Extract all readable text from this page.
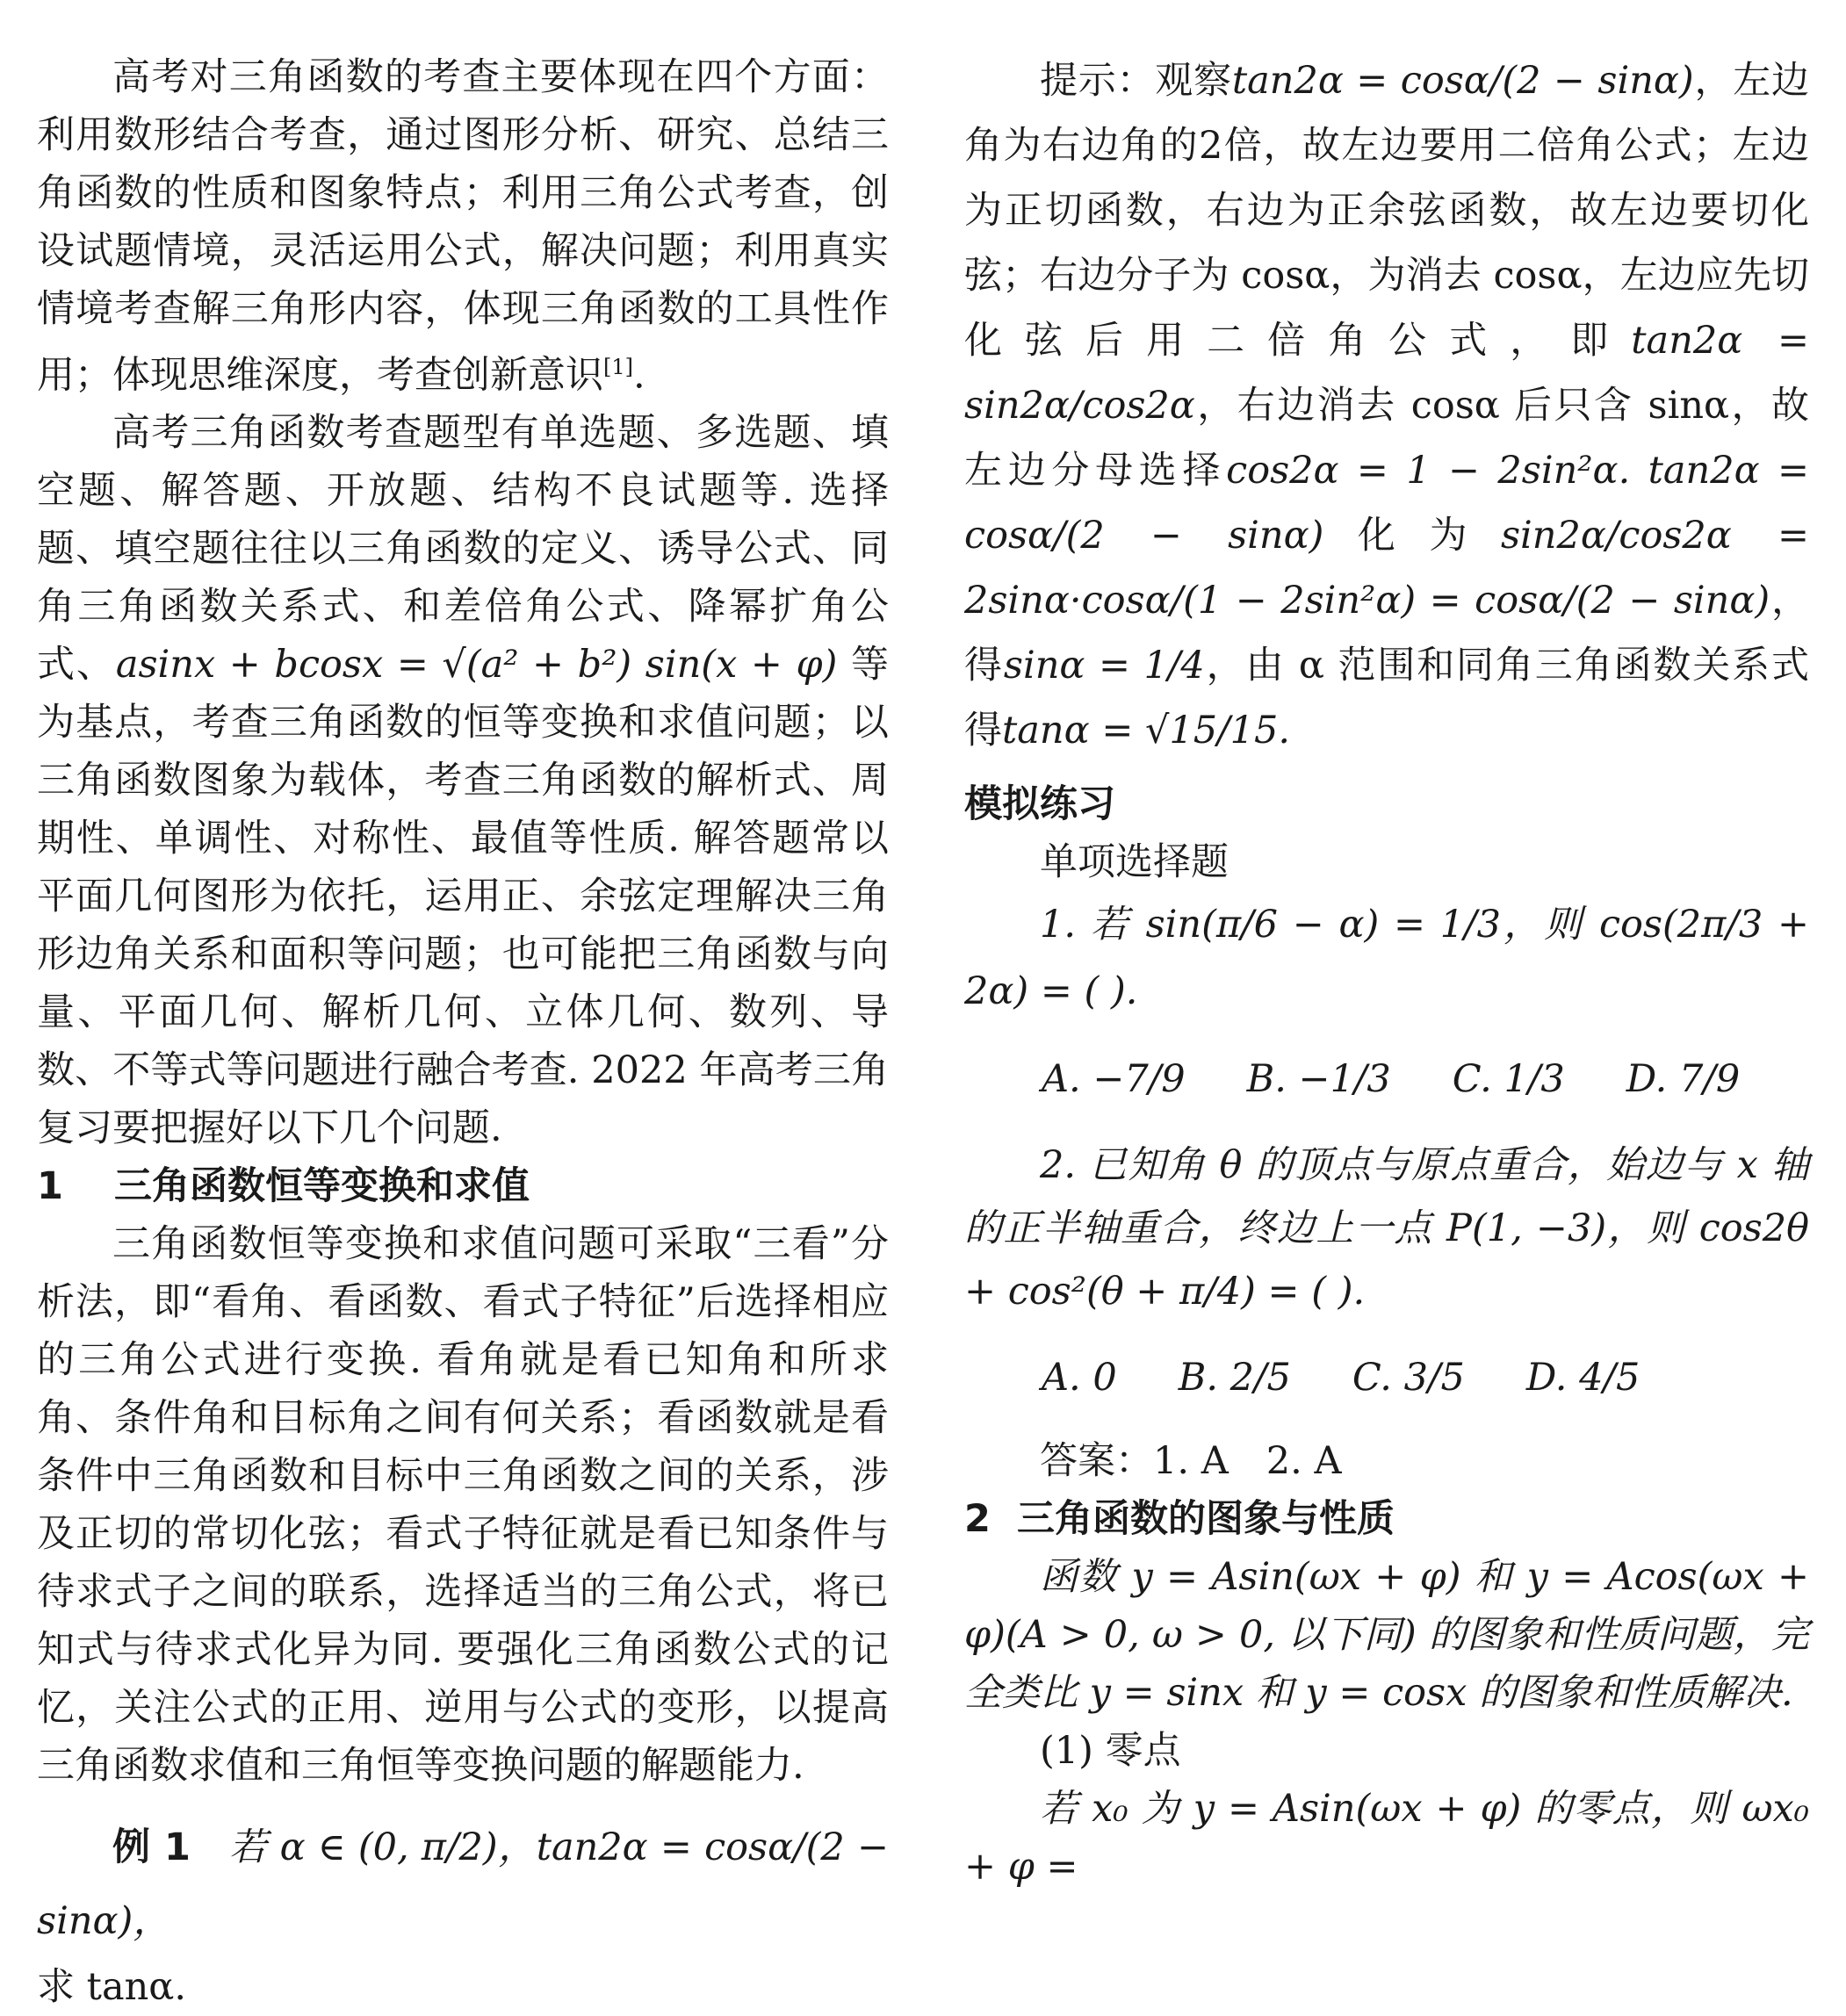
高考对三角函数的考查主要体现在四个方面：利用数形结合考查，通过图形分析、研究、总结三角函数的性质和图象特点；利用三角公式考查，创设试题情境，灵活运用公式，解决问题；利用真实情境考查解三角形内容，体现三角函数的工具性作用；体现思维深度，考查创新意识[1].

高考三角函数考查题型有单选题、多选题、填空题、解答题、开放题、结构不良试题等. 选择题、填空题往往以三角函数的定义、诱导公式、同角三角函数关系式、和差倍角公式、降幂扩角公式、asinx + bcosx = √(a² + b²) sin(x + φ) 等为基点，考查三角函数的恒等变换和求值问题；以三角函数图象为载体，考查三角函数的解析式、周期性、单调性、对称性、最值等性质. 解答题常以平面几何图形为依托，运用正、余弦定理解决三角形边角关系和面积等问题；也可能把三角函数与向量、平面几何、解析几何、立体几何、数列、导数、不等式等问题进行融合考查. 2022 年高考三角复习要把握好以下几个问题.

1 三角函数恒等变换和求值

三角函数恒等变换和求值问题可采取“三看”分析法，即“看角、看函数、看式子特征”后选择相应的三角公式进行变换. 看角就是看已知角和所求角、条件角和目标角之间有何关系；看函数就是看条件中三角函数和目标中三角函数之间的关系，涉及正切的常切化弦；看式子特征就是看已知条件与待求式子之间的联系，选择适当的三角公式，将已知式与待求式化异为同. 要强化三角函数公式的记忆，关注公式的正用、逆用与公式的变形，以提高三角函数求值和三角恒等变换问题的解题能力.

例 1　 若 α ∈ (0, π/2)，tan2α = cosα/(2 − sinα)，

求 tanα.

提示：观察tan2α = cosα/(2 − sinα)，左边角为右边角的2倍，故左边要用二倍角公式；左边为正切函数，右边为正余弦函数，故左边要切化弦；右边分子为 cosα，为消去 cosα，左边应先切化弦后用二倍角公式，即tan2α = sin2α/cos2α，右边消去 cosα 后只含 sinα，故左边分母选择cos2α = 1 − 2sin²α. tan2α = cosα/(2 − sinα)化为sin2α/cos2α = 2sinα·cosα/(1 − 2sin²α) = cosα/(2 − sinα)，得sinα = 1/4，由 α 范围和同角三角函数关系式得tanα = √15/15.

模拟练习

单项选择题

1. 若 sin(π/6 − α) = 1/3，则 cos(2π/3 + 2α) = ( ).

A. −7/9 B. −1/3 C. 1/3 D. 7/9

2. 已知角 θ 的顶点与原点重合，始边与 x 轴的正半轴重合，终边上一点 P(1, −3)，则 cos2θ + cos²(θ + π/4) = ( ).

A. 0 B. 2/5 C. 3/5 D. 4/5

答案：1. A　2. A

2 三角函数的图象与性质

函数 y = Asin(ωx + φ) 和 y = Acos(ωx + φ)(A > 0, ω > 0, 以下同) 的图象和性质问题，完全类比 y = sinx 和 y = cosx 的图象和性质解决.

(1) 零点

若 x₀ 为 y = Asin(ωx + φ) 的零点，则 ωx₀ + φ =
